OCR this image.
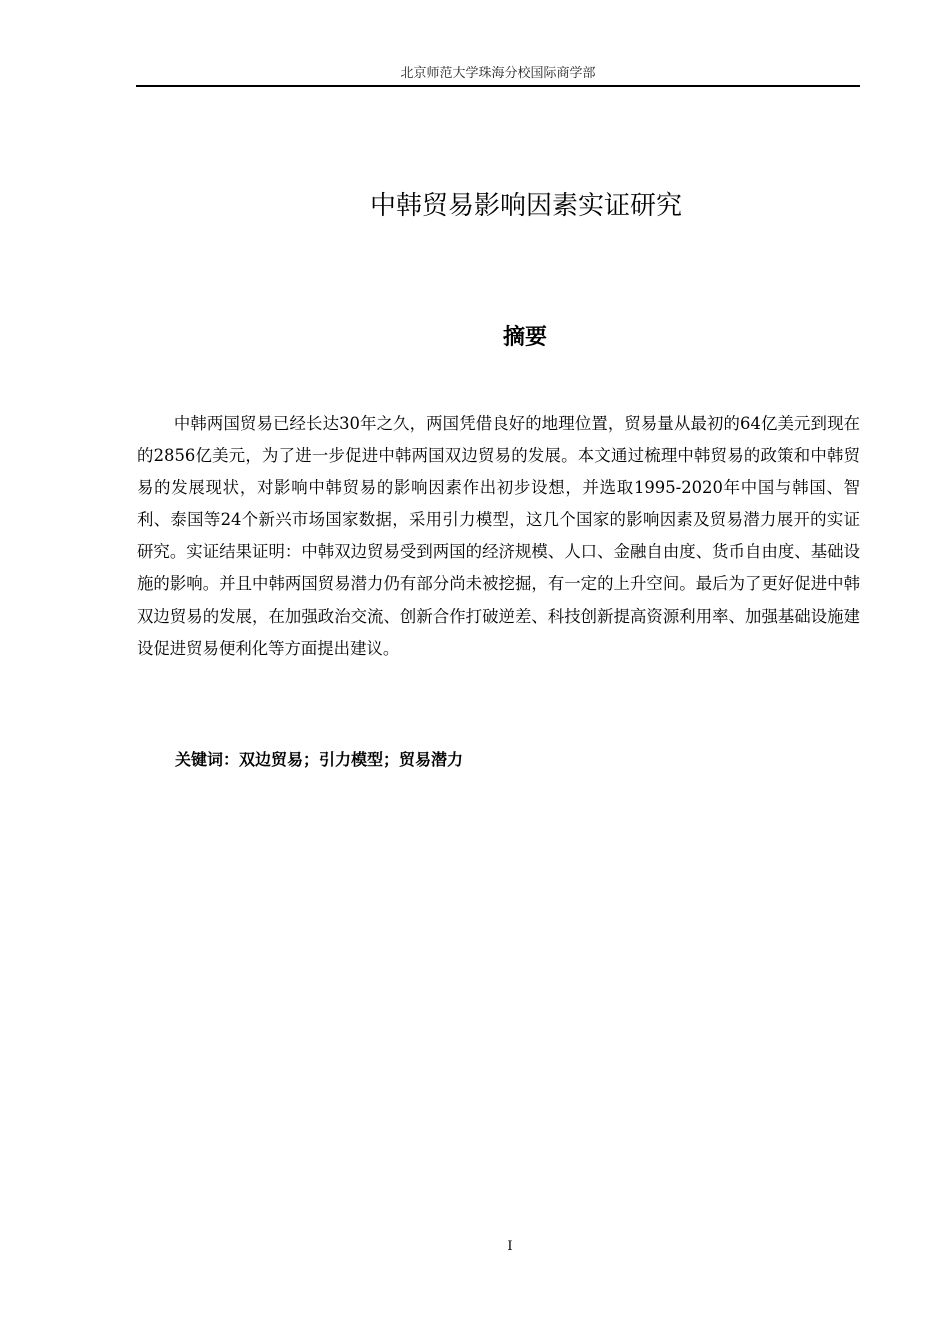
北京师范大学珠海分校国际商学部
中韩贸易影响因素实证研究
摘要

中韩两国贸易已经长达30年之久，两国凭借良好的地理位置，贸易量从最初的64亿美元到现在的2856亿美元，为了进一步促进中韩两国双边贸易的发展。本文通过梳理中韩贸易的政策和中韩贸易的发展现状，对影响中韩贸易的影响因素作出初步设想，并选取1995-2020年中国与韩国、智利、泰国等24个新兴市场国家数据，采用引力模型，这几个国家的影响因素及贸易潜力展开的实证研究。实证结果证明：中韩双边贸易受到两国的经济规模、人口、金融自由度、货币自由度、基础设施的影响。并且中韩两国贸易潜力仍有部分尚未被挖掘，有一定的上升空间。最后为了更好促进中韩双边贸易的发展，在加强政治交流、创新合作打破逆差、科技创新提高资源利用率、加强基础设施建设促进贸易便利化等方面提出建议。

关键词：双边贸易；引力模型；贸易潜力
I
